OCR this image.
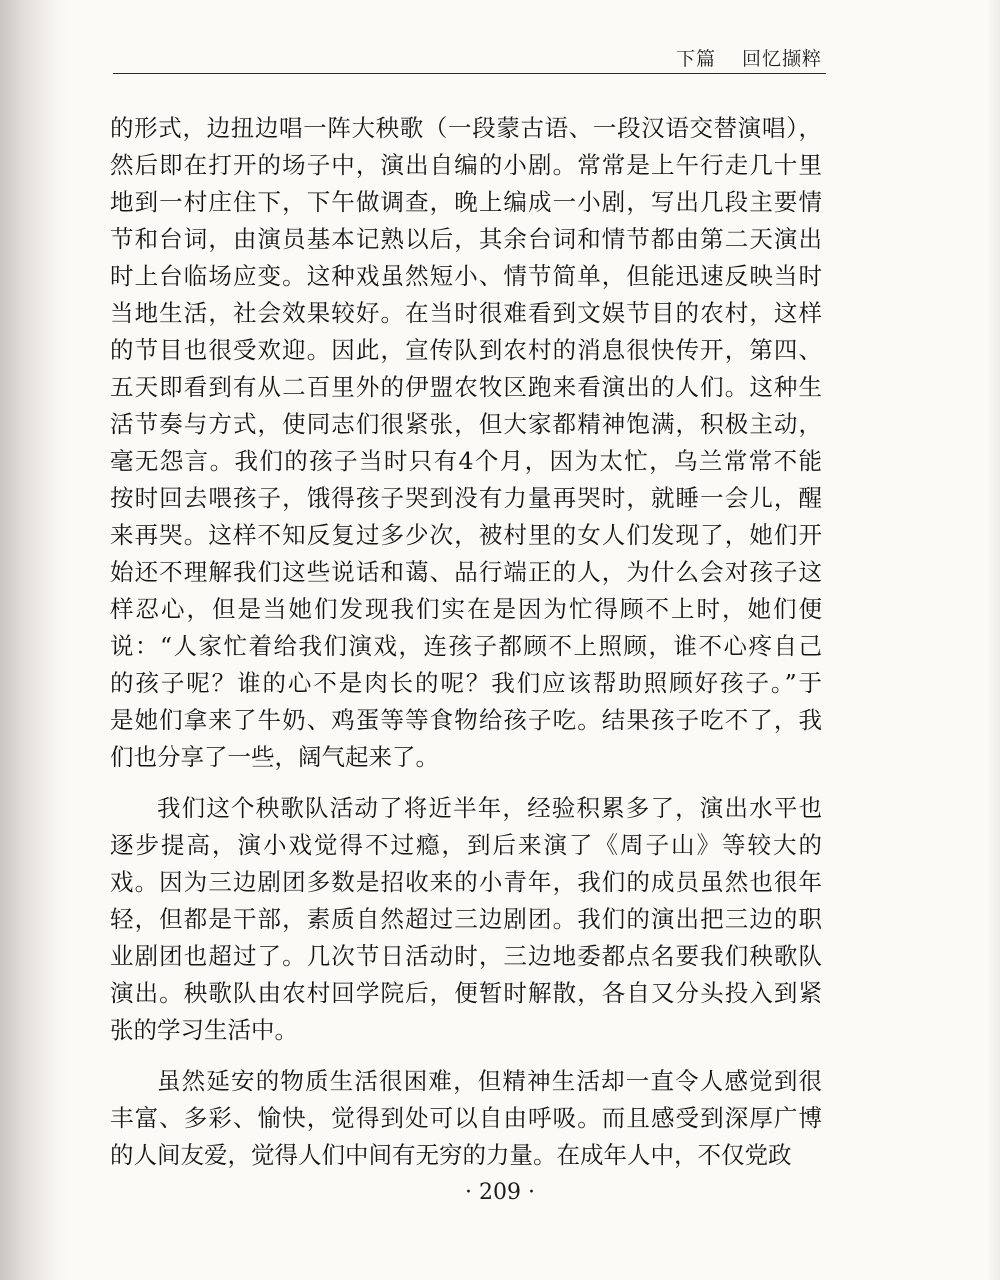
下篇 回忆撷粹
的形式，边扭边唱一阵大秧歌（一段蒙古语、一段汉语交替演唱），
然后即在打开的场子中，演出自编的小剧。常常是上午行走几十里
地到一村庄住下，下午做调查，晚上编成一小剧，写出几段主要情
节和台词，由演员基本记熟以后，其余台词和情节都由第二天演出
时上台临场应变。这种戏虽然短小、情节简单，但能迅速反映当时
当地生活，社会效果较好。在当时很难看到文娱节目的农村，这样
的节目也很受欢迎。因此，宣传队到农村的消息很快传开，第四、
五天即看到有从二百里外的伊盟农牧区跑来看演出的人们。这种生
活节奏与方式，使同志们很紧张，但大家都精神饱满，积极主动，
毫无怨言。我们的孩子当时只有4个月，因为太忙，乌兰常常不能
按时回去喂孩子，饿得孩子哭到没有力量再哭时，就睡一会儿，醒
来再哭。这样不知反复过多少次，被村里的女人们发现了，她们开
始还不理解我们这些说话和蔼、品行端正的人，为什么会对孩子这
样忍心，但是当她们发现我们实在是因为忙得顾不上时，她们便
说：“人家忙着给我们演戏，连孩子都顾不上照顾，谁不心疼自己
的孩子呢？谁的心不是肉长的呢？我们应该帮助照顾好孩子。”于
是她们拿来了牛奶、鸡蛋等等食物给孩子吃。结果孩子吃不了，我
们也分享了一些，阔气起来了。
我们这个秧歌队活动了将近半年，经验积累多了，演出水平也
逐步提高，演小戏觉得不过瘾，到后来演了《周子山》等较大的
戏。因为三边剧团多数是招收来的小青年，我们的成员虽然也很年
轻，但都是干部，素质自然超过三边剧团。我们的演出把三边的职
业剧团也超过了。几次节日活动时，三边地委都点名要我们秧歌队
演出。秧歌队由农村回学院后，便暂时解散，各自又分头投入到紧
张的学习生活中。
虽然延安的物质生活很困难，但精神生活却一直令人感觉到很
丰富、多彩、愉快，觉得到处可以自由呼吸。而且感受到深厚广博
的人间友爱，觉得人们中间有无穷的力量。在成年人中，不仅党政
· 209 ·
